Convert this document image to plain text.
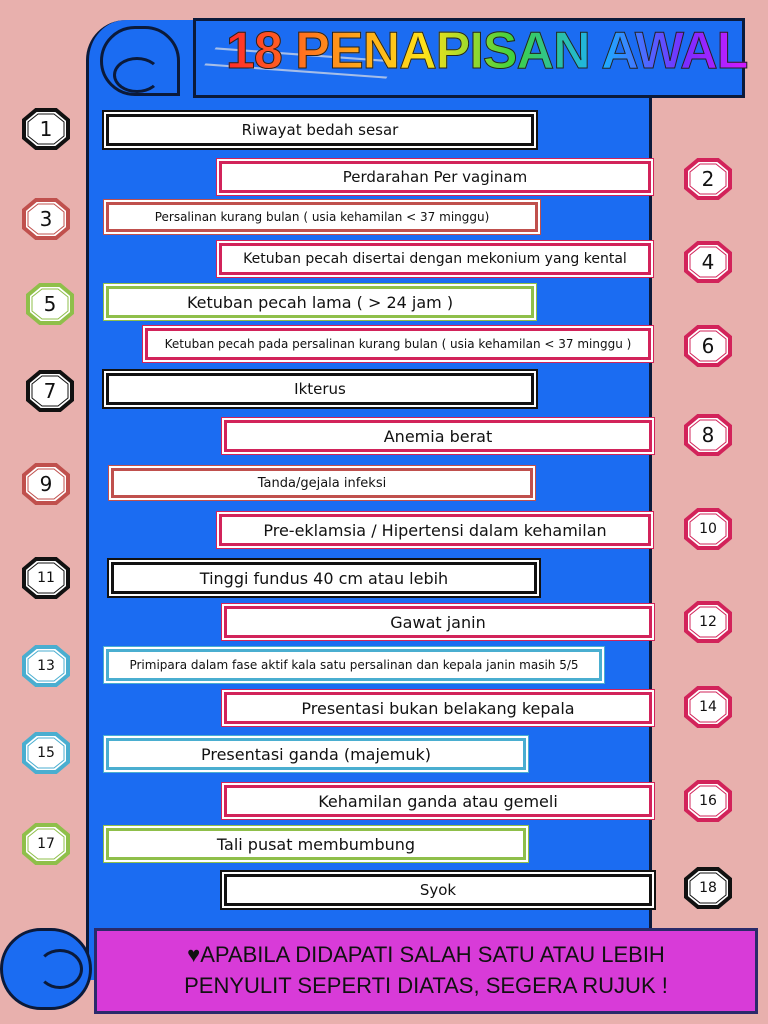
18 PENAPISAN AWAL
Riwayat bedah sesar
1
Perdarahan Per vaginam	2
Persalinan kurang bulan ( usia kehamilan < 37 minggu)
3
Ketuban pecah disertai dengan mekonium yang kental	4
Ketuban pecah lama ( > 24 jam )
5
Ketuban pecah pada persalinan kurang bulan ( usia kehamilan < 37 minggu )	6
Ikterus
7
Anemia berat	8
Tanda/gejala infeksi
9
Pre-eklamsia / Hipertensi dalam kehamilan	10
Tinggi fundus 40 cm atau lebih
11
Gawat janin	12
Primipara dalam fase aktif kala satu persalinan dan kepala janin masih 5/5
13
Presentasi bukan belakang kepala	14
Presentasi ganda (majemuk)
15
Kehamilan ganda atau gemeli	16
Tali pusat membumbung
17
Syok	18
♥APABILA DIDAPATI SALAH SATU ATAU LEBIH
PENYULIT SEPERTI DIATAS, SEGERA RUJUK !
